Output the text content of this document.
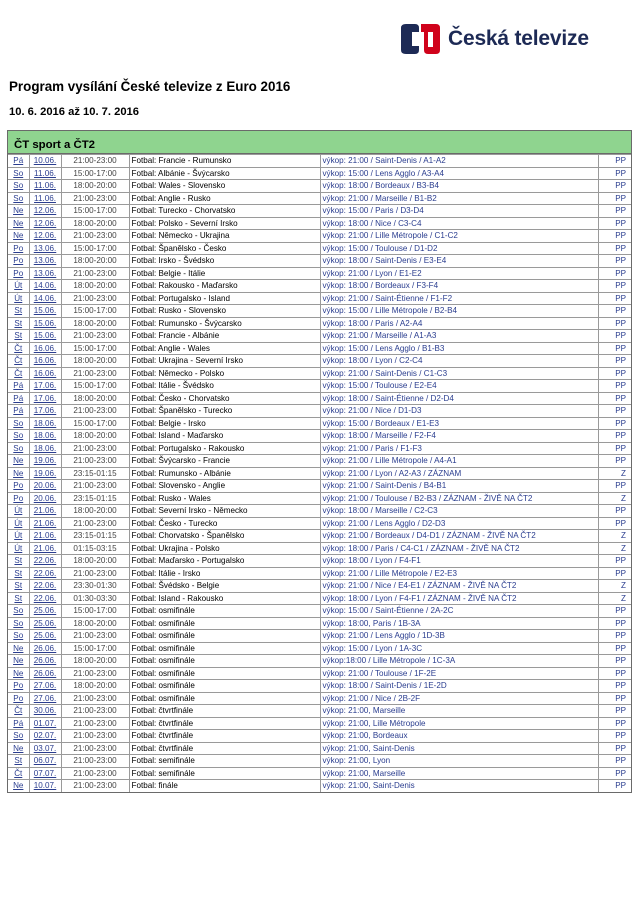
Česká televize
Program vysílání České televize z Euro 2016
10. 6. 2016 až 10. 7. 2016
ČT sport a ČT2
Pá	10.06.	21:00-23:00	Fotbal: Francie - Rumunsko	výkop: 21:00 / Saint-Denis / A1-A2	PP
So	11.06.	15:00-17:00	Fotbal: Albánie - Švýcarsko	výkop: 15:00 / Lens Agglo / A3-A4	PP
So	11.06.	18:00-20:00	Fotbal: Wales - Slovensko	výkop: 18:00 / Bordeaux / B3-B4	PP
So	11.06.	21:00-23:00	Fotbal: Anglie - Rusko	výkop: 21:00 / Marseille / B1-B2	PP
Ne	12.06.	15:00-17:00	Fotbal: Turecko - Chorvatsko	výkop: 15:00 / Paris / D3-D4	PP
Ne	12.06.	18:00-20:00	Fotbal: Polsko - Severní Irsko	výkop: 18:00 / Nice / C3-C4	PP
Ne	12.06.	21:00-23:00	Fotbal: Německo - Ukrajina	výkop: 21:00 / Lille Métropole / C1-C2	PP
Po	13.06.	15:00-17:00	Fotbal: Španělsko - Česko	výkop: 15:00 / Toulouse / D1-D2	PP
Po	13.06.	18:00-20:00	Fotbal: Irsko - Švédsko	výkop: 18:00 / Saint-Denis / E3-E4	PP
Po	13.06.	21:00-23:00	Fotbal: Belgie - Itálie	výkop: 21:00 / Lyon / E1-E2	PP
Út	14.06.	18:00-20:00	Fotbal: Rakousko - Maďarsko	výkop: 18:00 / Bordeaux / F3-F4	PP
Út	14.06.	21:00-23:00	Fotbal: Portugalsko - Island	výkop: 21:00 / Saint-Étienne / F1-F2	PP
St	15.06.	15:00-17:00	Fotbal: Rusko - Slovensko	výkop: 15:00 / Lille Métropole / B2-B4	PP
St	15.06.	18:00-20:00	Fotbal: Rumunsko - Švýcarsko	výkop: 18:00 / Paris / A2-A4	PP
St	15.06.	21:00-23:00	Fotbal: Francie - Albánie	výkop: 21:00 / Marseille / A1-A3	PP
Čt	16.06.	15:00-17:00	Fotbal: Anglie - Wales	výkop: 15:00 / Lens Agglo / B1-B3	PP
Čt	16.06.	18:00-20:00	Fotbal: Ukrajina - Severní Irsko	výkop: 18:00 / Lyon / C2-C4	PP
Čt	16.06.	21:00-23:00	Fotbal: Německo - Polsko	výkop: 21:00 / Saint-Denis / C1-C3	PP
Pá	17.06.	15:00-17:00	Fotbal: Itálie - Švédsko	výkop: 15:00 / Toulouse / E2-E4	PP
Pá	17.06.	18:00-20:00	Fotbal: Česko - Chorvatsko	výkop: 18:00 / Saint-Étienne / D2-D4	PP
Pá	17.06.	21:00-23:00	Fotbal: Španělsko - Turecko	výkop: 21:00 / Nice / D1-D3	PP
So	18.06.	15:00-17:00	Fotbal: Belgie - Irsko	výkop: 15:00 / Bordeaux / E1-E3	PP
So	18.06.	18:00-20:00	Fotbal: Island - Maďarsko	výkop: 18:00 / Marseille / F2-F4	PP
So	18.06.	21:00-23:00	Fotbal: Portugalsko - Rakousko	výkop: 21:00 / Paris / F1-F3	PP
Ne	19.06.	21:00-23:00	Fotbal: Švýcarsko - Francie	výkop: 21:00 / Lille Métropole / A4-A1	PP
Ne	19.06.	23:15-01:15	Fotbal: Rumunsko - Albánie	výkop: 21:00 / Lyon / A2-A3 / ZÁZNAM	Z
Po	20.06.	21:00-23:00	Fotbal: Slovensko - Anglie	výkop: 21:00 / Saint-Denis / B4-B1	PP
Po	20.06.	23:15-01:15	Fotbal: Rusko - Wales	výkop: 21:00 / Toulouse / B2-B3 / ZÁZNAM - ŽIVĚ NA ČT2	Z
Út	21.06.	18:00-20:00	Fotbal: Severní Irsko - Německo	výkop: 18:00 / Marseille / C2-C3	PP
Út	21.06.	21:00-23:00	Fotbal: Česko - Turecko	výkop: 21:00 / Lens Agglo / D2-D3	PP
Út	21.06.	23:15-01:15	Fotbal: Chorvatsko - Španělsko	výkop: 21:00 / Bordeaux / D4-D1 / ZÁZNAM - ŽIVĚ NA ČT2	Z
Út	21.06.	01:15-03:15	Fotbal: Ukrajina - Polsko	výkop: 18:00 / Paris / C4-C1 / ZÁZNAM - ŽIVĚ NA ČT2	Z
St	22.06.	18:00-20:00	Fotbal: Maďarsko - Portugalsko	výkop: 18:00 / Lyon / F4-F1	PP
St	22.06.	21:00-23:00	Fotbal: Itálie - Irsko	výkop: 21:00 / Lille Métropole / E2-E3	PP
St	22.06.	23:30-01:30	Fotbal: Švédsko - Belgie	výkop: 21:00 / Nice / E4-E1 / ZÁZNAM - ŽIVĚ NA ČT2	Z
St	22.06.	01:30-03:30	Fotbal: Island - Rakousko	výkop: 18:00 / Lyon / F4-F1 / ZÁZNAM - ŽIVĚ NA ČT2	Z
So	25.06.	15:00-17:00	Fotbal: osmifinále	výkop: 15:00 / Saint-Étienne / 2A-2C	PP
So	25.06.	18:00-20:00	Fotbal: osmifinále	výkop: 18:00, Paris / 1B-3A	PP
So	25.06.	21:00-23:00	Fotbal: osmifinále	výkop: 21:00 / Lens Agglo / 1D-3B	PP
Ne	26.06.	15:00-17:00	Fotbal: osmifinále	výkop: 15:00 / Lyon / 1A-3C	PP
Ne	26.06.	18:00-20:00	Fotbal: osmifinále	výkop:18:00 / Lille Métropole / 1C-3A	PP
Ne	26.06.	21:00-23:00	Fotbal: osmifinále	výkop: 21:00 / Toulouse / 1F-2E	PP
Po	27.06.	18:00-20:00	Fotbal: osmifinále	výkop: 18:00 / Saint-Denis / 1E-2D	PP
Po	27.06.	21:00-23:00	Fotbal: osmifinále	výkop: 21:00 / Nice / 2B-2F	PP
Čt	30.06.	21:00-23:00	Fotbal: čtvrtfinále	výkop: 21:00, Marseille	PP
Pá	01.07.	21:00-23:00	Fotbal: čtvrtfinále	výkop: 21:00, Lille Métropole	PP
So	02.07.	21:00-23:00	Fotbal: čtvrtfinále	výkop: 21:00, Bordeaux	PP
Ne	03.07.	21:00-23:00	Fotbal: čtvrtfinále	výkop: 21:00, Saint-Denis	PP
St	06.07.	21:00-23:00	Fotbal: semifinále	výkop: 21:00, Lyon	PP
Čt	07.07.	21:00-23:00	Fotbal: semifinále	výkop: 21:00, Marseille	PP
Ne	10.07.	21:00-23:00	Fotbal: finále	výkop: 21:00, Saint-Denis	PP
